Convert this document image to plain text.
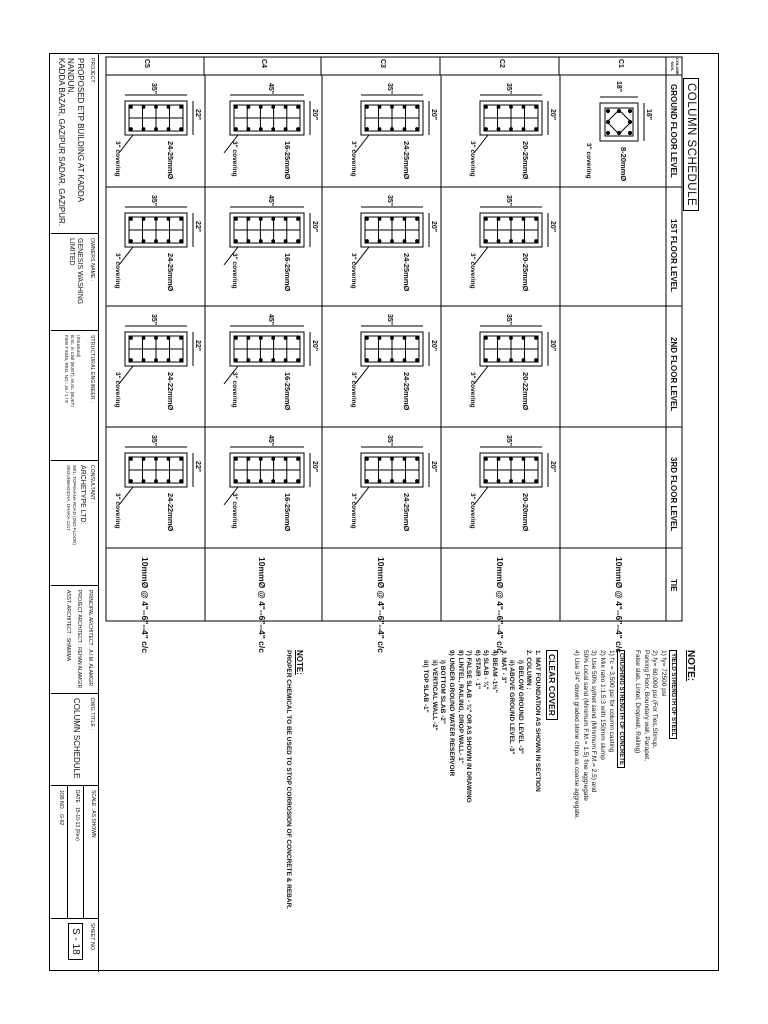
COLUMN SCHEDULE
COLUMN
NOS.
GROUND FLOOR LEVEL
1ST FLOOR LEVEL
2ND FLOOR LEVEL
3RD FLOOR LEVEL
TIE
C1
C2
C3
C4
C5
10mmØ @ 4"--6"--4" c/c
10mmØ @ 4"--6"--4" c/c
10mmØ @ 4"--6"--4" c/c
10mmØ @ 4"--6"--4" c/c
10mmØ @ 4"--6"--4" c/c
18"
18"
8-20mmØ
3" covering
20"
35"
20-25mmØ
3" covering
20"
35"
20-25mmØ
3" covering
20"
35"
20-22mmØ
3" covering
20"
35"
20-20mmØ
3" covering
20"
35"
24-25mmØ
3" covering
20"
35"
24-25mmØ
3" covering
20"
35"
24-25mmØ
3" covering
20"
35"
24-25mmØ
3" covering
20"
45"
16-25mmØ
3" covering
20"
45"
16-25mmØ
3" covering
20"
45"
16-25mmØ
3" covering
20"
45"
16-25mmØ
3" covering
22"
35"
24-25mmØ
3" covering
22"
35"
24-25mmØ
3" covering
22"
35"
24-22mmØ
3" covering
22"
35"
24-22mmØ
3" covering
NOTE:
YIELD STRENGTH OF STEEL
1) fy= 72500 psi
2) fy= 60,000 psi (For Ties,Stirrup,
Parking Floor, Boundary wall, Parapet,
False slab, Lintel, Dropwall, Railing)
CRUSHING STRENGTH OF CONCRETE
1) f'c = 3,500 psi for column casting
2) Mix ratio 1:1.5:3 with 150mm slump
3) Use 50% sylhet sand (Minimum F.M.= 2.5) and
50% Local sand (Minimum F.M.= 1.5) fine aggregate
4) Use 3/4" down graded stone chips as coarse aggregate.
CLEAR COVER
1. MAT FOUNDATION AS SHOWN IN SECTION
2. COLUMN :
i) BELOW GROUND LEVEL -3"
ii) ABOVE GROUND LEVEL -3"
3. MAT - 3"
4) BEAM -1½"
5) SLAB - ¾"
6) STAIR - 1"
7) FALSE SLAB - ¾" OR AS SHOWN IN DRAWING
8) LINTEL, RAILING, DROP WALL- 1"
9) UNDER GROUND WATER RESERVOIR
i) BOTTOM SLAB -2"
ii) VERTICAL WALL -2"
iii) TOP SLAB -1"
NOTE:
PROPER CHEMICAL TO BE USED TO STOP CORROSION OF CONCRETE & REBAR.
PROJECT :
PROPOSED ETP BUILDING AT KADDA NANDUN,
KADDA BAZAR, GAZIPUR SADAR, GAZIPUR.
OWNERS NAME :
GENESIS WASHING LIMITED
STRUCTURAL ENGINEER :
(Structural)
B.Sc. in Civil (BUET), M.Sc. (BUET)
FIEB # 8345, REG. NO.: 34 / 1 / 8
CONSULTANT :
ARCHETYPE LTD.
30/1, TOPKHANA ROAD (2ND FLOOR)
SEGUNBAGICHA, DHAKA-1217
PRINCIPAL ARCHITECT : A.I.M. ALAMGIR
PROJECT ARCHITECT : REHAN ALAMGIR
ASST. ARCHITECT : SHAMIMA
DWG.TITLE :
COLUMN SCHEDULE
SCALE : AS SHOWN
DATE : 15-10-13 (Rev)
JOB NO. : G-92
SHEET NO.
S - 18
